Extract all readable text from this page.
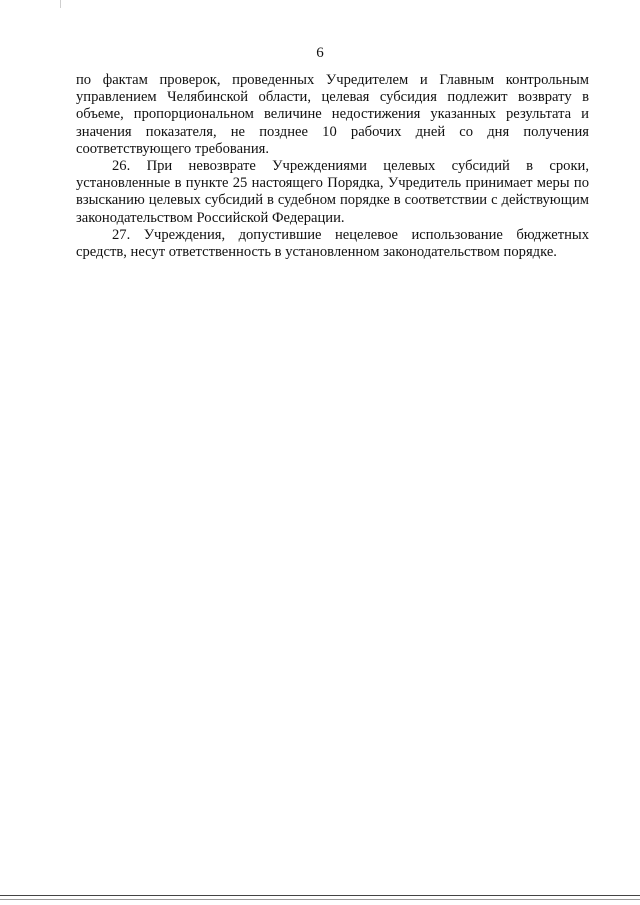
6

по фактам проверок, проведенных Учредителем и Главным контрольным управлением Челябинской области, целевая субсидия подлежит возврату в объеме, пропорциональном величине недостижения указанных результата и значения показателя, не позднее 10 рабочих дней со дня получения соответствующего требования.

26. При невозврате Учреждениями целевых субсидий в сроки, установленные в пункте 25 настоящего Порядка, Учредитель принимает меры по взысканию целевых субсидий в судебном порядке в соответствии с действующим законодательством Российской Федерации.

27. Учреждения, допустившие нецелевое использование бюджетных средств, несут ответственность в установленном законодательством порядке.
